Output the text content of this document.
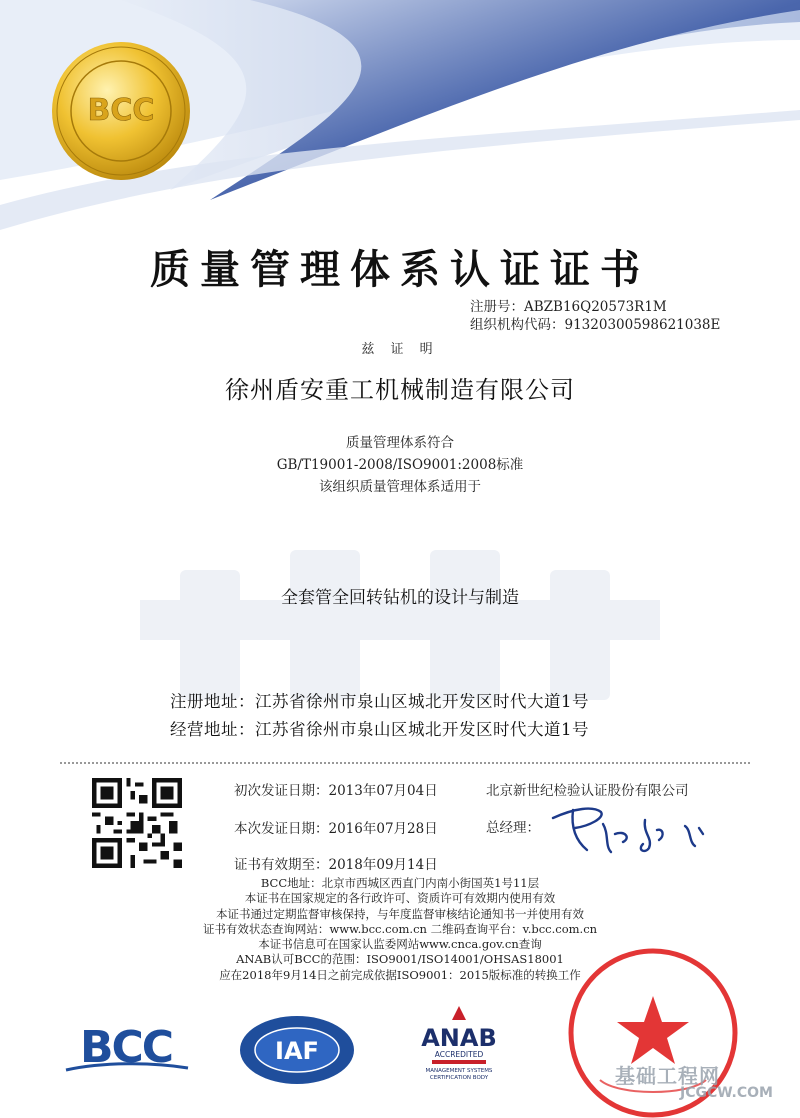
BCC
质量管理体系认证证书
注册号：ABZB16Q20573R1M
组织机构代码：91320300598621038E
兹 证 明
徐州盾安重工机械制造有限公司
质量管理体系符合
GB/T19001-2008/ISO9001:2008标准
该组织质量管理体系适用于
全套管全回转钻机的设计与制造
注册地址：江苏省徐州市泉山区城北开发区时代大道1号
经营地址：江苏省徐州市泉山区城北开发区时代大道1号
初次发证日期：2013年07月04日
本次发证日期：2016年07月28日
证书有效期至：2018年09月14日
北京新世纪检验认证股份有限公司
总经理：
BCC地址：北京市西城区西直门内南小街国英1号11层
本证书在国家规定的各行政许可、资质许可有效期内使用有效
本证书通过定期监督审核保持，与年度监督审核结论通知书一并使用有效
证书有效状态查询网站：www.bcc.com.cn 二维码查询平台：v.bcc.com.cn
本证书信息可在国家认监委网站www.cnca.gov.cn查询
ANAB认可BCC的范围：ISO9001/ISO14001/OHSAS18001
应在2018年9月14日之前完成依据ISO9001：2015版标准的转换工作
BCC	IAF	ANAB
ACCREDITED
MANAGEMENT SYSTEMS
CERTIFICATION BODY	基础工程网
JCGCW.COM
